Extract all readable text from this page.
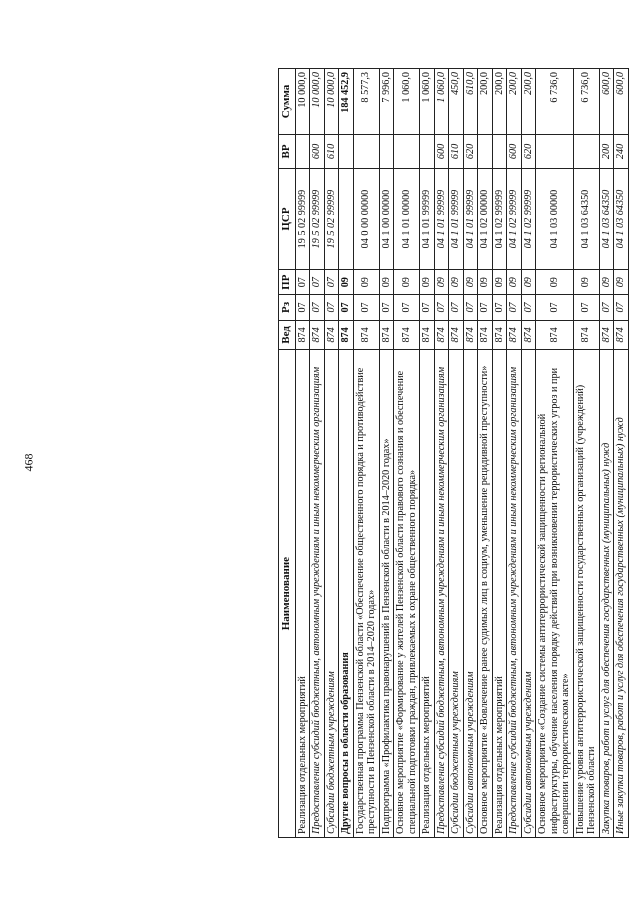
468
Наименование	Вед	Рз	ПР	ЦСР	ВР	Сумма
Реализация отдельных мероприятий	874	07	07	19 5 02 99999		10 000,0
Предоставление субсидий бюджетным, автономным учреждениям и иным некоммерческим организациям	874	07	07	19 5 02 99999	600	10 000,0
Субсидии бюджетным учреждениям	874	07	07	19 5 02 99999	610	10 000,0
Другие вопросы в области образования	874	07	09			184 452,9
Государственная программа Пензенской области «Обеспечение общественного порядка и противодействие преступности в Пензенской области в 2014–2020 годах»	874	07	09	04 0 00 00000		8 577,3
Подпрограмма «Профилактика правонарушений в Пензенской области в 2014–2020 годах»	874	07	09	04 1 00 00000		7 996,0
Основное мероприятие «Формирование у жителей Пензенской области правового сознания и обеспечение специальной подготовки граждан, привлекаемых к охране общественного порядка»	874	07	09	04 1 01 00000		1 060,0
Реализация отдельных мероприятий	874	07	09	04 1 01 99999		1 060,0
Предоставление субсидий бюджетным, автономным учреждениям и иным некоммерческим организациям	874	07	09	04 1 01 99999	600	1 060,0
Субсидии бюджетным учреждениям	874	07	09	04 1 01 99999	610	450,0
Субсидии автономным учреждениям	874	07	09	04 1 01 99999	620	610,0
Основное мероприятие «Вовлечение ранее судимых лиц в социум, уменьшение рецидивной преступности»	874	07	09	04 1 02 00000		200,0
Реализация отдельных мероприятий	874	07	09	04 1 02 99999		200,0
Предоставление субсидий бюджетным, автономным учреждениям и иным некоммерческим организациям	874	07	09	04 1 02 99999	600	200,0
Субсидии автономным учреждениям	874	07	09	04 1 02 99999	620	200,0
Основное мероприятие «Создание системы антитеррористической защищенности региональной инфраструктуры, обучение населения порядку действий при возникновении террористических угроз и при совершении террористическом акте»	874	07	09	04 1 03 00000		6 736,0
Повышение уровня антитеррористической защищенности государственных организаций (учреждений) Пензенской области	874	07	09	04 1 03 64350		6 736,0
Закупка товаров, работ и услуг для обеспечения государственных (муниципальных) нужд	874	07	09	04 1 03 64350	200	600,0
Иные закупки товаров, работ и услуг для обеспечения государственных (муниципальных) нужд	874	07	09	04 1 03 64350	240	600,0
